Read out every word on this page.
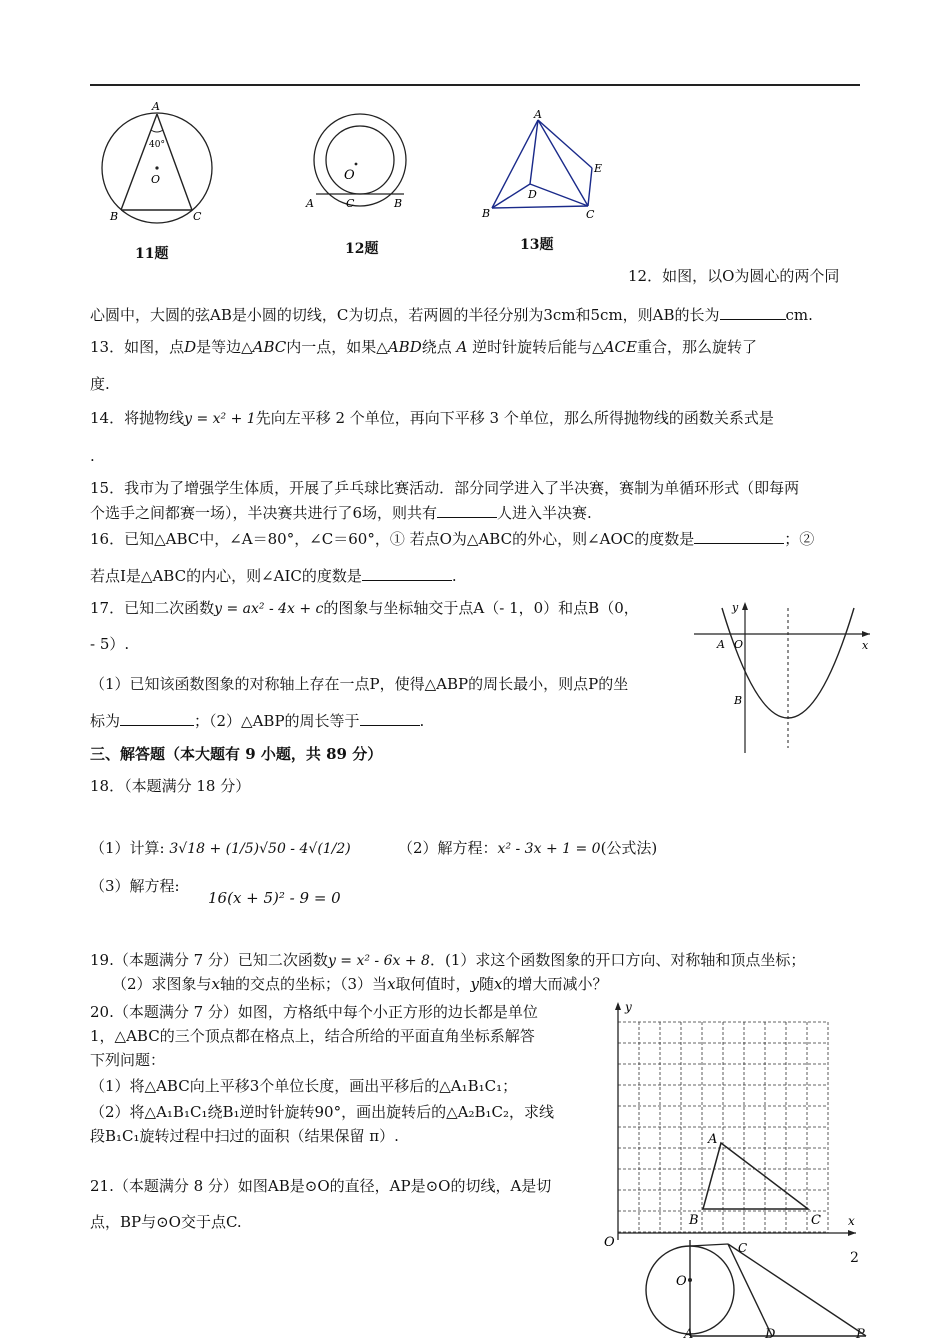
A
40°
O
B	C
11题
O
A	C	B
12题
A
E
D
B	C
13题
12．如图，以O为圆心的两个同
心圆中，大圆的弦AB是小圆的切线，C为切点，若两圆的半径分别为3cm和5cm，则AB的长为	cm.
13．如图，点D是等边△ABC内一点，如果△ABD绕点 A 逆时针旋转后能与△ACE重合，那么旋转了
度.
14．将抛物线y = x² + 1先向左平移 2 个单位，再向下平移 3 个单位，那么所得抛物线的函数关系式是
.
15．我市为了增强学生体质，开展了乒乓球比赛活动．部分同学进入了半决赛，赛制为单循环形式（即每两
个选手之间都赛一场），半决赛共进行了6场，则共有	人进入半决赛.
16．已知△ABC中，∠A＝80°，∠C＝60°，① 若点O为△ABC的外心，则∠AOC的度数是	；②
若点I是△ABC的内心，则∠AIC的度数是	.
17．已知二次函数y = ax² - 4x + c的图象与坐标轴交于点A（- 1，0）和点B（0，
- 5）.
（1）已知该函数图象的对称轴上存在一点P，使得△ABP的周长最小，则点P的坐
标为	；（2）△ABP的周长等于	.
y
x
A O
B
三、解答题（本大题有 9 小题，共 89 分）
18．（本题满分 18 分）
（1）计算: 3√18 + (1/5)√50 - 4√(1/2)	（2）解方程：x² - 3x + 1 = 0(公式法)
（3）解方程:
16(x + 5)² - 9 = 0
19.（本题满分 7 分）已知二次函数y = x² - 6x + 8．(1）求这个函数图象的开口方向、对称轴和顶点坐标；
（2）求图象与x轴的交点的坐标；（3）当x取何值时，y随x的增大而减小？
20.（本题满分 7 分）如图，方格纸中每个小正方形的边长都是单位
1，△ABC的三个顶点都在格点上，结合所给的平面直角坐标系解答
下列问题：
（1）将△ABC向上平移3个单位长度，画出平移后的△A₁B₁C₁；
（2）将△A₁B₁C₁绕B₁逆时针旋转90°，画出旋转后的△A₂B₁C₂，求线
段B₁C₁旋转过程中扫过的面积（结果保留 π）.
y
x
O
A
B	C
21.（本题满分 8 分）如图AB是⊙O的直径，AP是⊙O的切线，A是切
点，BP与⊙O交于点C.
2
O
C
A	D	P
